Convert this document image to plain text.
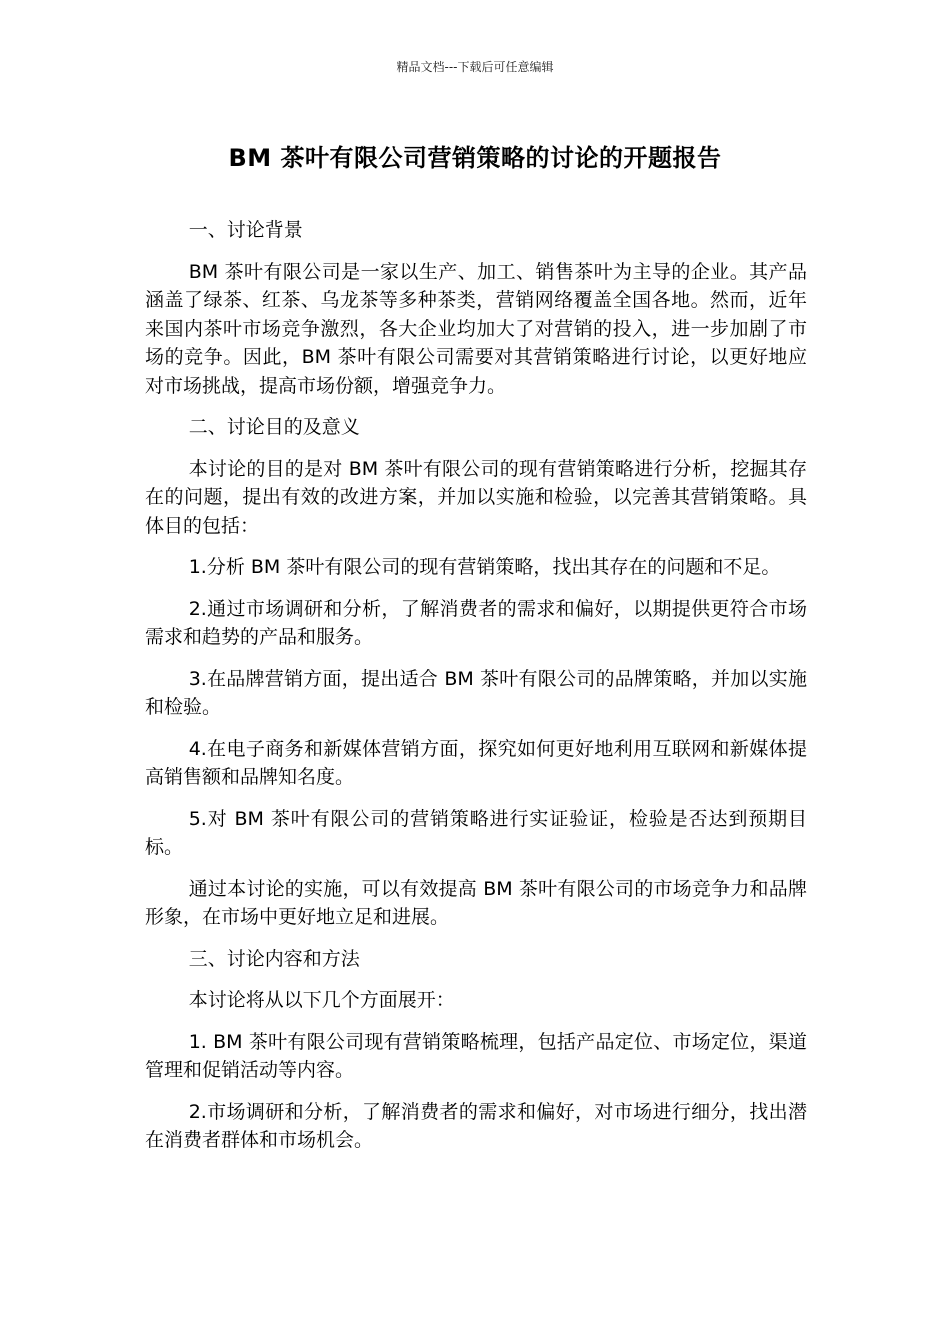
精品文档---下载后可任意编辑
BM 茶叶有限公司营销策略的讨论的开题报告

一、讨论背景

BM 茶叶有限公司是一家以生产、加工、销售茶叶为主导的企业。其产品涵盖了绿茶、红茶、乌龙茶等多种茶类，营销网络覆盖全国各地。然而，近年来国内茶叶市场竞争激烈，各大企业均加大了对营销的投入，进一步加剧了市场的竞争。因此，BM 茶叶有限公司需要对其营销策略进行讨论，以更好地应对市场挑战，提高市场份额，增强竞争力。

二、讨论目的及意义

本讨论的目的是对 BM 茶叶有限公司的现有营销策略进行分析，挖掘其存在的问题，提出有效的改进方案，并加以实施和检验，以完善其营销策略。具体目的包括：

1.分析 BM 茶叶有限公司的现有营销策略，找出其存在的问题和不足。

2.通过市场调研和分析，了解消费者的需求和偏好，以期提供更符合市场需求和趋势的产品和服务。

3.在品牌营销方面，提出适合 BM 茶叶有限公司的品牌策略，并加以实施和检验。

4.在电子商务和新媒体营销方面，探究如何更好地利用互联网和新媒体提高销售额和品牌知名度。

5.对 BM 茶叶有限公司的营销策略进行实证验证，检验是否达到预期目标。

通过本讨论的实施，可以有效提高 BM 茶叶有限公司的市场竞争力和品牌形象，在市场中更好地立足和进展。

三、讨论内容和方法

本讨论将从以下几个方面展开：

1. BM 茶叶有限公司现有营销策略梳理，包括产品定位、市场定位，渠道管理和促销活动等内容。

2.市场调研和分析，了解消费者的需求和偏好，对市场进行细分，找出潜在消费者群体和市场机会。
